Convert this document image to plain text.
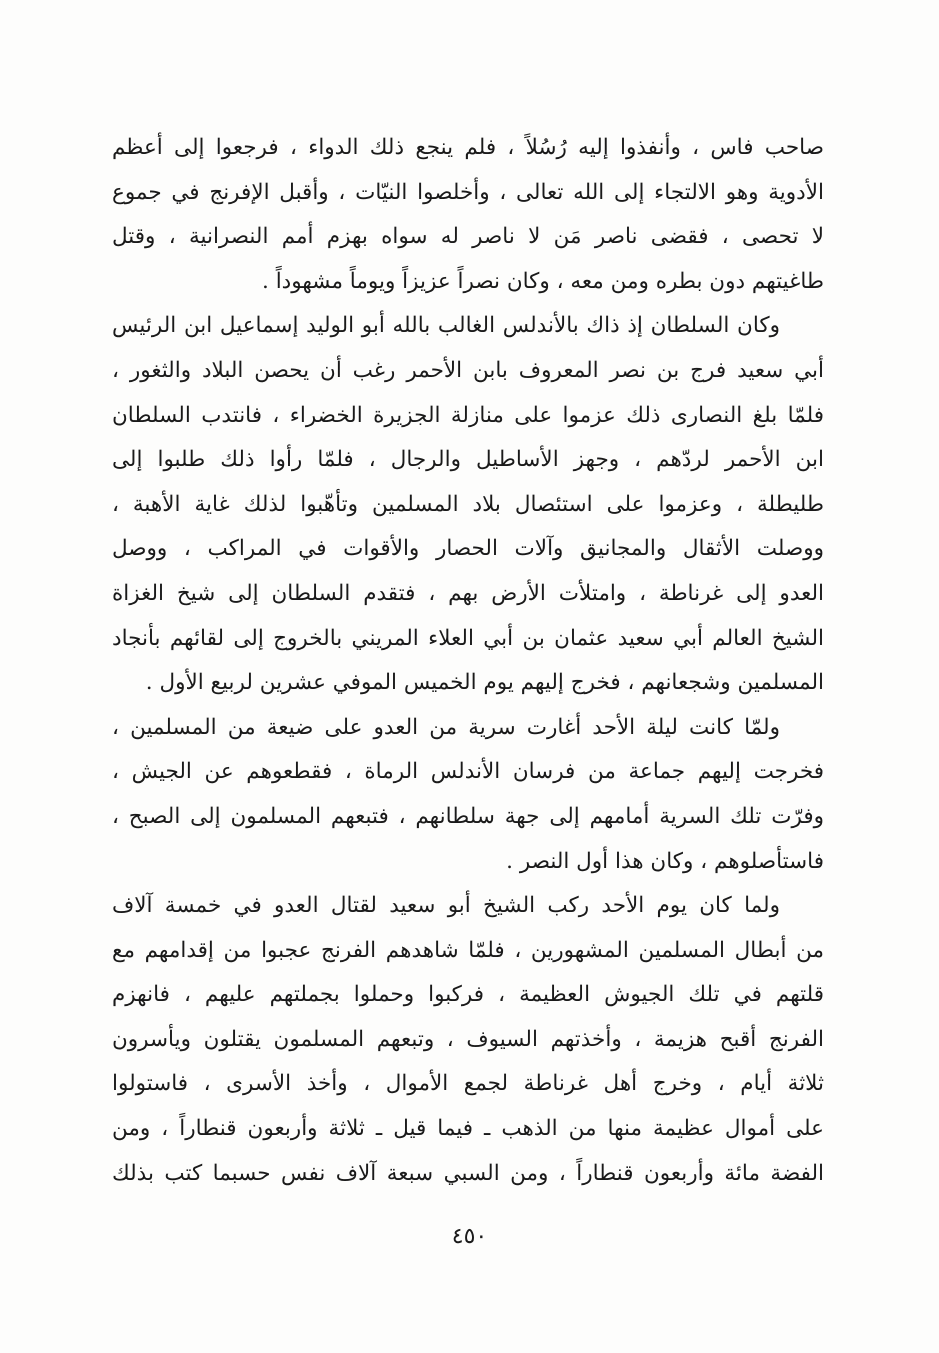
صاحب فاس ، وأنفذوا إليه رُسُلاً ، فلم ينجع ذلك الدواء ، فرجعوا إلى أعظم
الأدوية وهو الالتجاء إلى الله تعالى ، وأخلصوا النيّات ، وأقبل الإفرنج في جموع
لا تحصى ، فقضى ناصر مَن لا ناصر له سواه بهزم أمم النصرانية ، وقتل
طاغيتهم دون بطره ومن معه ، وكان نصراً عزيزاً ويوماً مشهوداً .
وكان السلطان إذ ذاك بالأندلس الغالب بالله أبو الوليد إسماعيل ابن الرئيس
أبي سعيد فرج بن نصر المعروف بابن الأحمر رغب أن يحصن البلاد والثغور ،
فلمّا بلغ النصارى ذلك عزموا على منازلة الجزيرة الخضراء ، فانتدب السلطان
ابن الأحمر لردّهم ، وجهز الأساطيل والرجال ، فلمّا رأوا ذلك طلبوا إلى
طليطلة ، وعزموا على استئصال بلاد المسلمين وتأهّبوا لذلك غاية الأهبة ،
ووصلت الأثقال والمجانيق وآلات الحصار والأقوات في المراكب ، ووصل
العدو إلى غرناطة ، وامتلأت الأرض بهم ، فتقدم السلطان إلى شيخ الغزاة
الشيخ العالم أبي سعيد عثمان بن أبي العلاء المريني بالخروج إلى لقائهم بأنجاد
المسلمين وشجعانهم ، فخرج إليهم يوم الخميس الموفي عشرين لربيع الأول .
ولمّا كانت ليلة الأحد أغارت سرية من العدو على ضيعة من المسلمين ،
فخرجت إليهم جماعة من فرسان الأندلس الرماة ، فقطعوهم عن الجيش ،
وفرّت تلك السرية أمامهم إلى جهة سلطانهم ، فتبعهم المسلمون إلى الصبح ،
فاستأصلوهم ، وكان هذا أول النصر .
ولما كان يوم الأحد ركب الشيخ أبو سعيد لقتال العدو في خمسة آلاف
من أبطال المسلمين المشهورين ، فلمّا شاهدهم الفرنج عجبوا من إقدامهم مع
قلتهم في تلك الجيوش العظيمة ، فركبوا وحملوا بجملتهم عليهم ، فانهزم
الفرنج أقبح هزيمة ، وأخذتهم السيوف ، وتبعهم المسلمون يقتلون ويأسرون
ثلاثة أيام ، وخرج أهل غرناطة لجمع الأموال ، وأخذ الأسرى ، فاستولوا
على أموال عظيمة منها من الذهب ـ فيما قيل ـ ثلاثة وأربعون قنطاراً ، ومن
الفضة مائة وأربعون قنطاراً ، ومن السبي سبعة آلاف نفس حسبما كتب بذلك
٤٥٠
